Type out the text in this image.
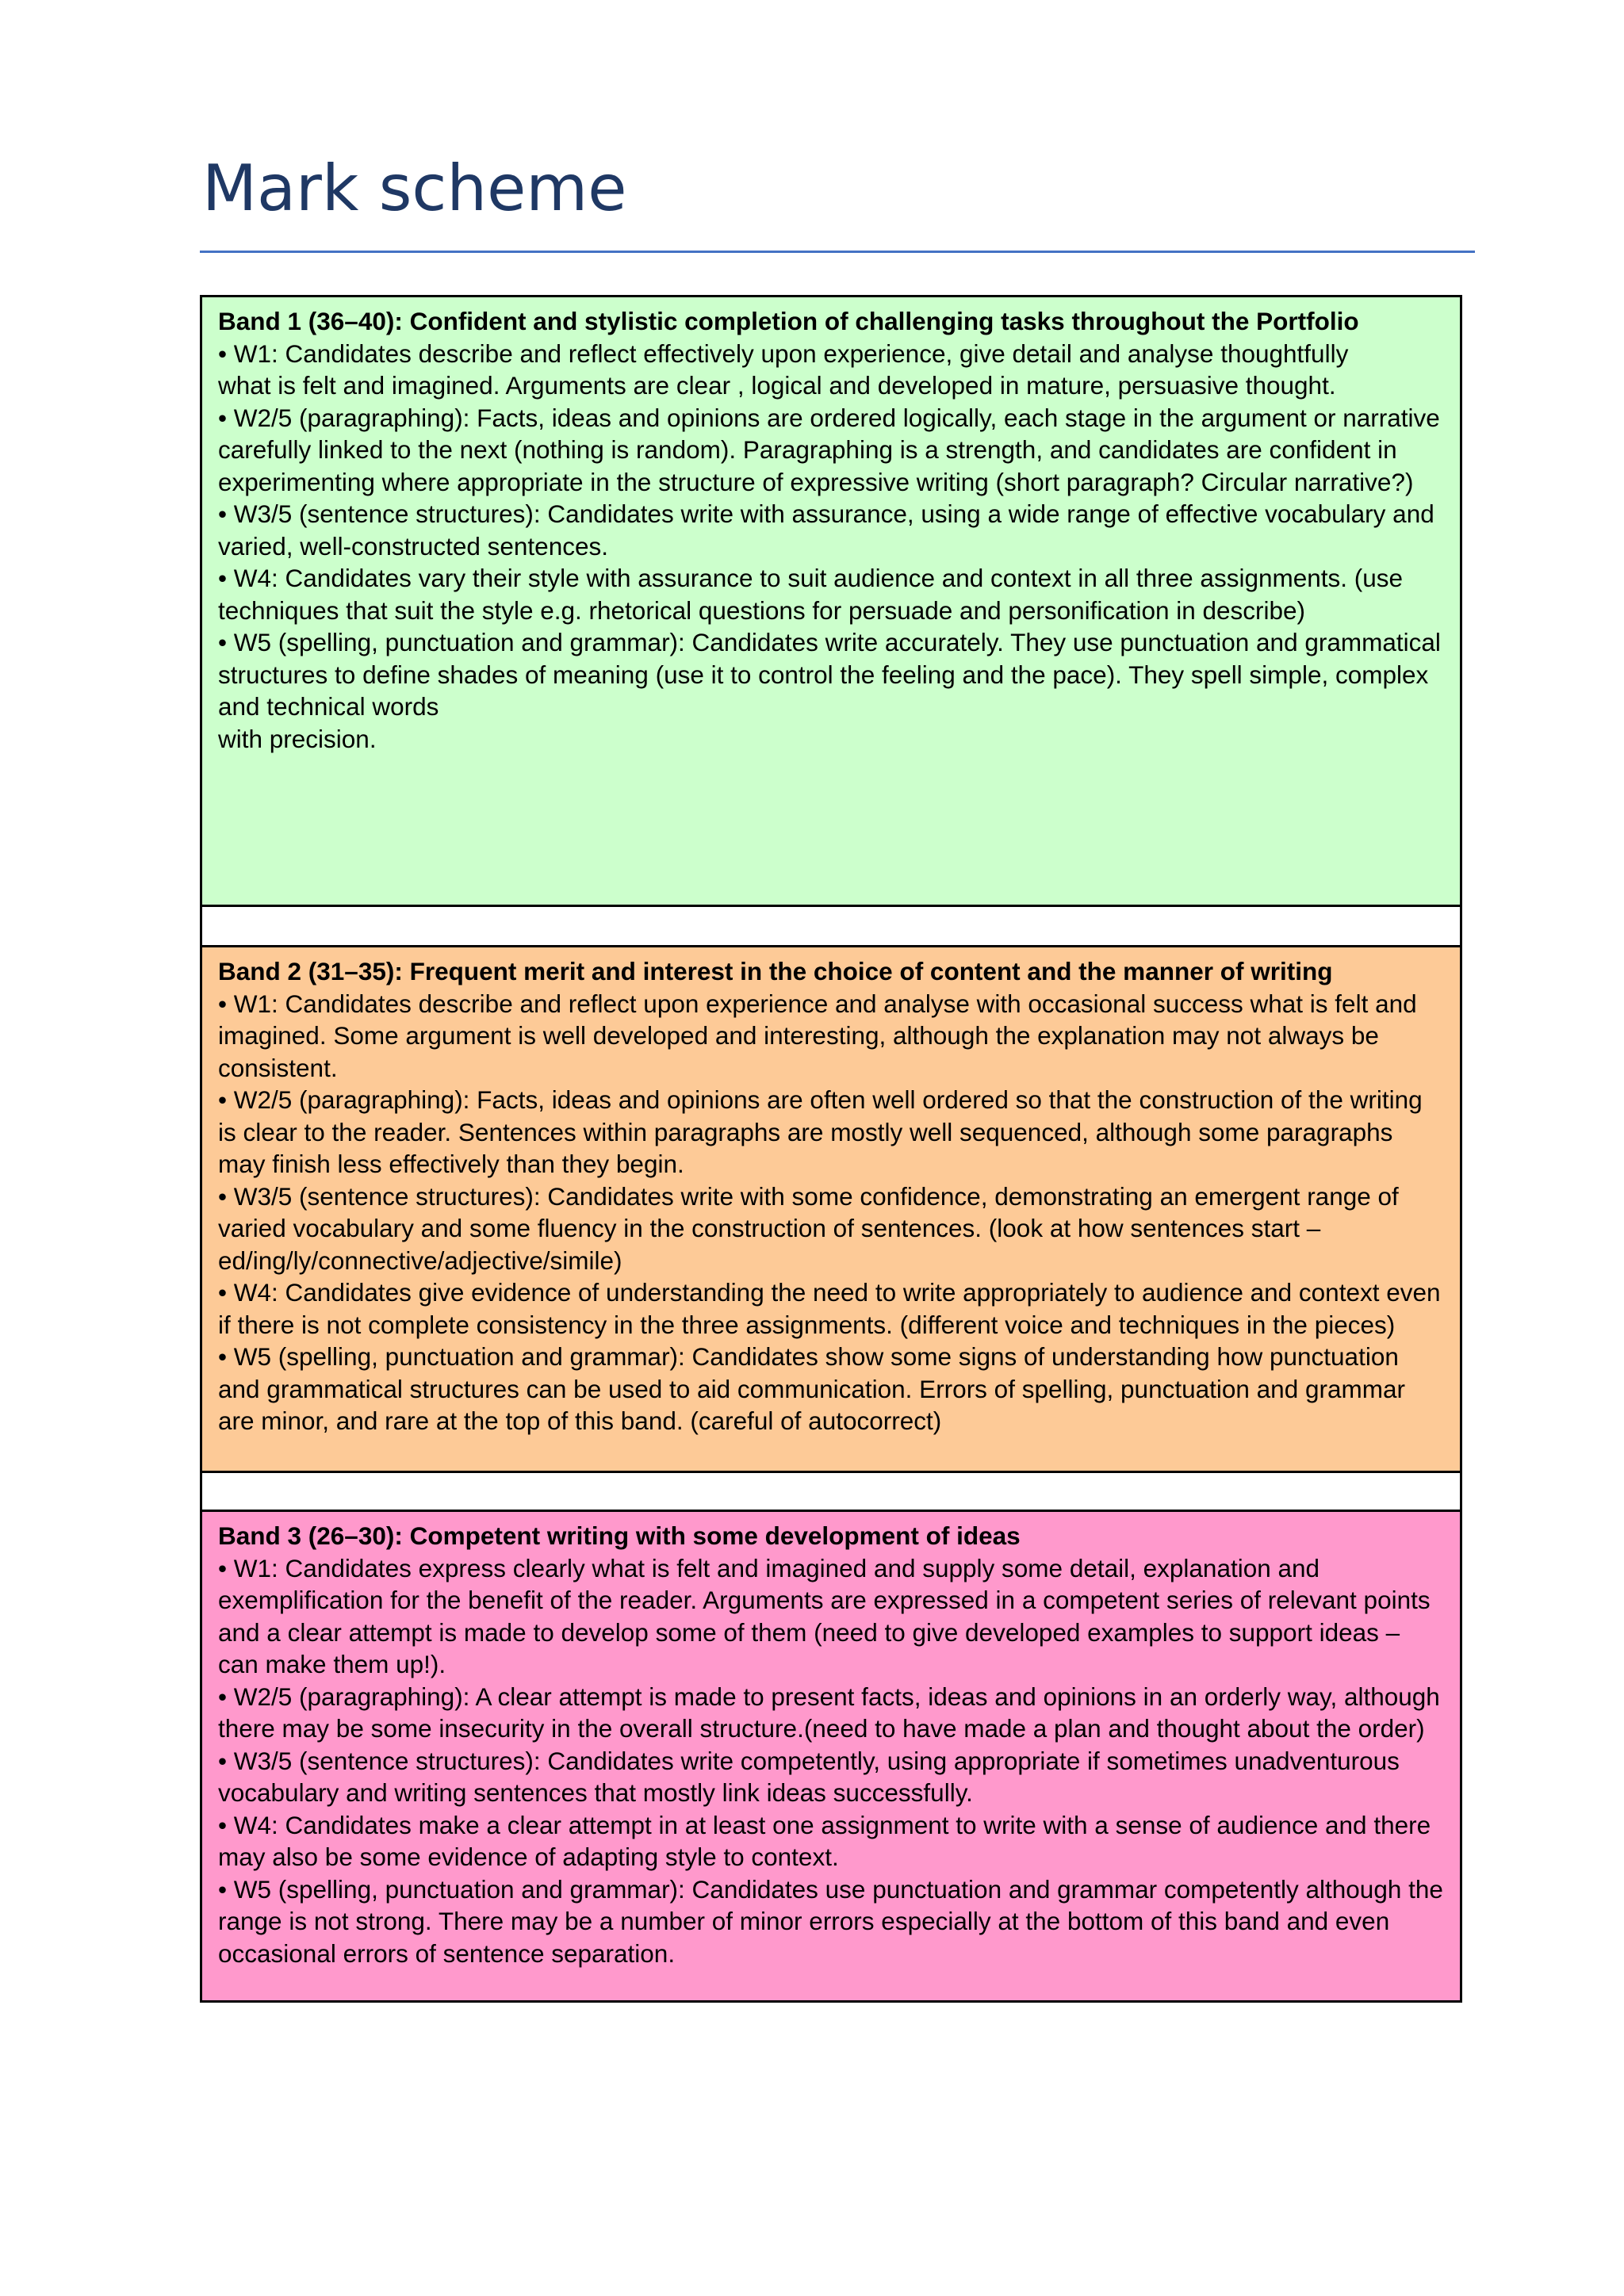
Mark scheme

Band 1 (36–40): Confident and stylistic completion of challenging tasks throughout the Portfolio

• W1: Candidates describe and reflect effectively upon experience, give detail and analyse thoughtfully

what is felt and imagined. Arguments are clear , logical and developed in mature, persuasive thought.

• W2/5 (paragraphing): Facts, ideas and opinions are ordered logically, each stage in the argument or narrative carefully linked to the next (nothing is random). Paragraphing is a strength, and candidates are confident in

experimenting where appropriate in the structure of expressive writing (short paragraph? Circular narrative?)

• W3/5 (sentence structures): Candidates write with assurance, using a wide range of effective vocabulary and varied, well-constructed sentences.

• W4: Candidates vary their style with assurance to suit audience and context in all three assignments. (use techniques that suit the style e.g. rhetorical questions for persuade and personification in describe)

• W5 (spelling, punctuation and grammar): Candidates write accurately. They use punctuation and grammatical structures to define shades of meaning (use it to control the feeling and the pace). They spell simple, complex and technical words

with precision.

Band 2 (31–35): Frequent merit and interest in the choice of content and the manner of writing

• W1: Candidates describe and reflect upon experience and analyse with occasional success what is felt and imagined. Some argument is well developed and interesting, although the explanation may not always be consistent.

• W2/5 (paragraphing): Facts, ideas and opinions are often well ordered so that the construction of the writing is clear to the reader. Sentences within paragraphs are mostly well sequenced, although some paragraphs may finish less effectively than they begin.

• W3/5 (sentence structures): Candidates write with some confidence, demonstrating an emergent range of varied vocabulary and some fluency in the construction of sentences. (look at how sentences start – ed/ing/ly/connective/adjective/simile)

• W4: Candidates give evidence of understanding the need to write appropriately to audience and context even if there is not complete consistency in the three assignments. (different voice and techniques in the pieces)

• W5 (spelling, punctuation and grammar): Candidates show some signs of understanding how punctuation and grammatical structures can be used to aid communication. Errors of spelling, punctuation and grammar are minor, and rare at the top of this band. (careful of autocorrect)

Band 3 (26–30): Competent writing with some development of ideas

• W1: Candidates express clearly what is felt and imagined and supply some detail, explanation and exemplification for the benefit of the reader. Arguments are expressed in a competent series of relevant points and a clear attempt is made to develop some of them (need to give developed examples to support ideas – can make them up!).

• W2/5 (paragraphing): A clear attempt is made to present facts, ideas and opinions in an orderly way, although there may be some insecurity in the overall structure.(need to have made a plan and thought about the order)

• W3/5 (sentence structures): Candidates write competently, using appropriate if sometimes unadventurous vocabulary and writing sentences that mostly link ideas successfully.

• W4: Candidates make a clear attempt in at least one assignment to write with a sense of audience and there may also be some evidence of adapting style to context.

• W5 (spelling, punctuation and grammar): Candidates use punctuation and grammar competently although the range is not strong. There may be a number of minor errors especially at the bottom of this band and even occasional errors of sentence separation.
